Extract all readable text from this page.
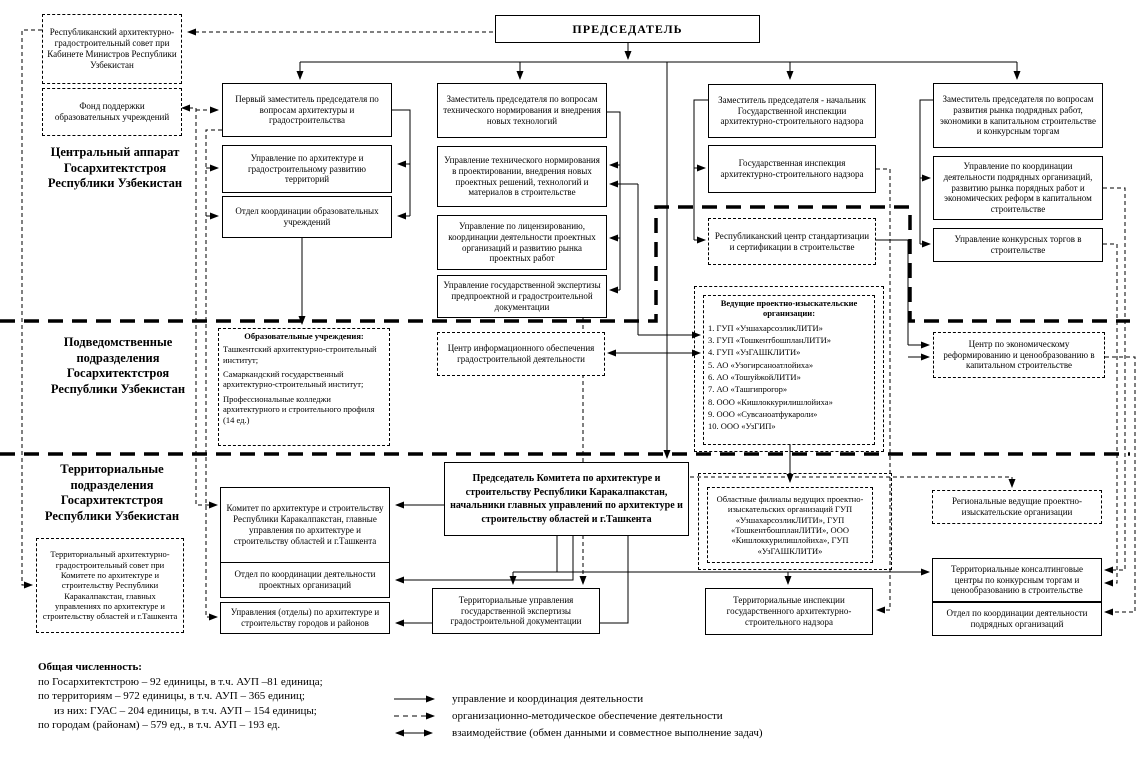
ПРЕДСЕДАТЕЛЬ
Республиканский архитектурно-градостроительный совет при Кабинете Министров Республики Узбекистан
Фонд поддержки образовательных учреждений
Центральный аппарат Госархитектстроя Республики Узбекистан
Первый заместитель председателя по вопросам архитектуры и градостроительства
Управление по архитектуре и градостроительному развитию территорий
Отдел координации образовательных учреждений
Заместитель председателя по вопросам технического нормирования и внедрения новых технологий
Управление технического нормирования в проектировании, внедрения новых проектных решений, технологий и материалов в строительстве
Управление по лицензированию, координации деятельности проектных организаций и развитию рынка проектных работ
Управление государственной экспертизы предпроектной и градостроительной документации
Заместитель председателя - начальник Государственной инспекции архитектурно-строительного надзора
Государственная инспекция архитектурно-строительного надзора
Республиканский центр стандартизации и сертификации в строительстве
Заместитель председателя по вопросам развития рынка подрядных работ, экономики в капитальном строительстве и конкурсным торгам
Управление по координации деятельности подрядных организаций, развитию рынка порядных работ и экономических реформ в капитальном строительстве
Управление конкурсных торгов в строительстве
Подведомственные подразделения Госархитектстроя Республики Узбекистан
Образовательные учреждения:
Ташкентский архитектурно-строительный институт;
Самаркандский государственный архитектурно-строительный институт;
Профессиональные колледжи архитектурного и строительного профиля (14 ед.)
Центр информационного обеспечения градостроительной деятельности
Ведущие проектно-изыскательские организации:
1. ГУП «УзшахарсозликЛИТИ»
3. ГУП «ТошкентбошпланЛИТИ»
4. ГУП «УзГАШКЛИТИ»
5. АО «Узогирсаноатлойиха»
6. АО «ТошуйжойЛИТИ»
7. АО «Ташгипрогор»
8. ООО «Кишлоккурилишлойиха»
9. ООО «Сувсаноатфукароли»
10. ООО «УзГИП»
Центр по экономическому реформированию и ценообразованию в капитальном строительстве
Территориальные подразделения Госархитектстроя Республики Узбекистан
Территориальный архитектурно-градостроительный совет при Комитете по архитектуре и строительству Республики Каракалпакстан, главных управлениях по архитектуре и строительству областей и г.Ташкента
Комитет по архитектуре и строительству Республики Каракалпакстан, главные управления по архитектуре и строительству областей и г.Ташкента
Отдел по координации деятельности проектных организаций
Управления (отделы) по архитектуре и строительству городов и районов
Председатель Комитета по архитектуре и строительству Республики Каракалпакстан, начальники главных управлений по архитектуре и строительству областей и г.Ташкента
Территориальные управления государственной экспертизы градостроительной документации
Областные филиалы ведущих проектно-изыскательских организаций ГУП «УзшахарсозликЛИТИ», ГУП «ТошкентбошпланЛИТИ», ООО «Кишлоккурилишлойиха», ГУП «УзГАШКЛИТИ»
Территориальные инспекции государственного архитектурно-строительного надзора
Региональные ведущие проектно-изыскательские организации
Территориальные консалтинговые центры по конкурсным торгам и ценообразованию в строительстве
Отдел по координации деятельности подрядных организаций
Общая численность:
по Госархитектстрою – 92 единицы, в т.ч. АУП –81 единица;
по территориям – 972 единицы, в т.ч. АУП – 365 единиц;
из них: ГУАС – 204 единицы, в т.ч. АУП – 154 единицы;
по городам (районам) – 579 ед., в т.ч. АУП – 193 ед.
управление и координация деятельности
организационно-методическое обеспечение деятельности
взаимодействие (обмен данными и совместное выполнение задач)
